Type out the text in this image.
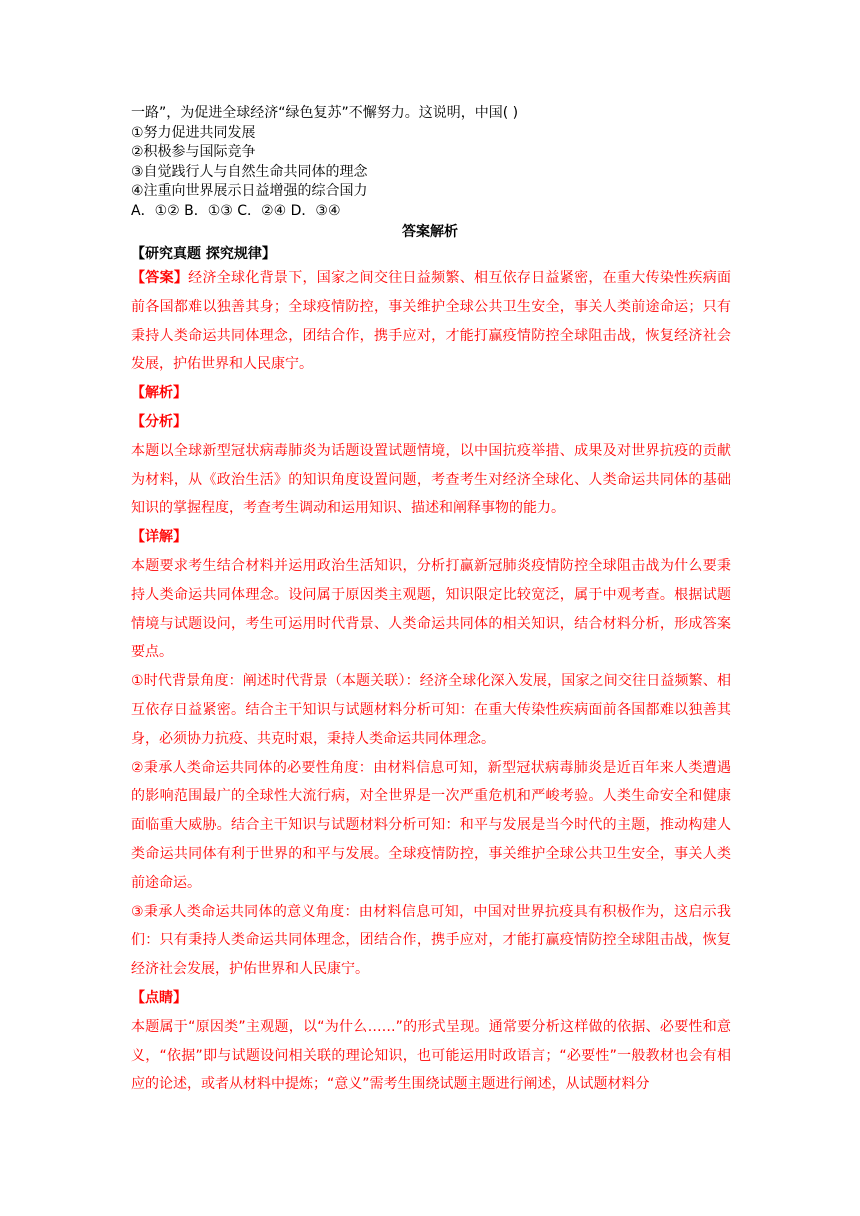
一路”，为促进全球经济“绿色复苏”不懈努力。这说明，中国( )
①努力促进共同发展
②积极参与国际竞争
③自觉践行人与自然生命共同体的理念
④注重向世界展示日益增强的综合国力
A．①② B．①③ C．②④ D．③④
答案解析

【研究真题 探究规律】

【答案】经济全球化背景下，国家之间交往日益频繁、相互依存日益紧密，在重大传染性疾病面前各国都难以独善其身；全球疫情防控，事关维护全球公共卫生安全，事关人类前途命运；只有秉持人类命运共同体理念，团结合作，携手应对，才能打赢疫情防控全球阻击战，恢复经济社会发展，护佑世界和人民康宁。

【解析】

【分析】

本题以全球新型冠状病毒肺炎为话题设置试题情境，以中国抗疫举措、成果及对世界抗疫的贡献为材料，从《政治生活》的知识角度设置问题，考查考生对经济全球化、人类命运共同体的基础知识的掌握程度，考查考生调动和运用知识、描述和阐释事物的能力。

【详解】

本题要求考生结合材料并运用政治生活知识，分析打赢新冠肺炎疫情防控全球阻击战为什么要秉持人类命运共同体理念。设问属于原因类主观题，知识限定比较宽泛，属于中观考查。根据试题情境与试题设问，考生可运用时代背景、人类命运共同体的相关知识，结合材料分析，形成答案要点。

①时代背景角度：阐述时代背景（本题关联）：经济全球化深入发展，国家之间交往日益频繁、相互依存日益紧密。结合主干知识与试题材料分析可知：在重大传染性疾病面前各国都难以独善其身，必须协力抗疫、共克时艰，秉持人类命运共同体理念。

②秉承人类命运共同体的必要性角度：由材料信息可知，新型冠状病毒肺炎是近百年来人类遭遇的影响范围最广的全球性大流行病，对全世界是一次严重危机和严峻考验。人类生命安全和健康面临重大威胁。结合主干知识与试题材料分析可知：和平与发展是当今时代的主题，推动构建人类命运共同体有利于世界的和平与发展。全球疫情防控，事关维护全球公共卫生安全，事关人类前途命运。

③秉承人类命运共同体的意义角度：由材料信息可知，中国对世界抗疫具有积极作为，这启示我们：只有秉持人类命运共同体理念，团结合作，携手应对，才能打赢疫情防控全球阻击战，恢复经济社会发展，护佑世界和人民康宁。

【点睛】

本题属于“原因类”主观题，以“为什么……”的形式呈现。通常要分析这样做的依据、必要性和意义，“依据”即与试题设问相关联的理论知识，也可能运用时政语言；“必要性”一般教材也会有相应的论述，或者从材料中提炼；“意义”需考生围绕试题主题进行阐述，从试题材料分
